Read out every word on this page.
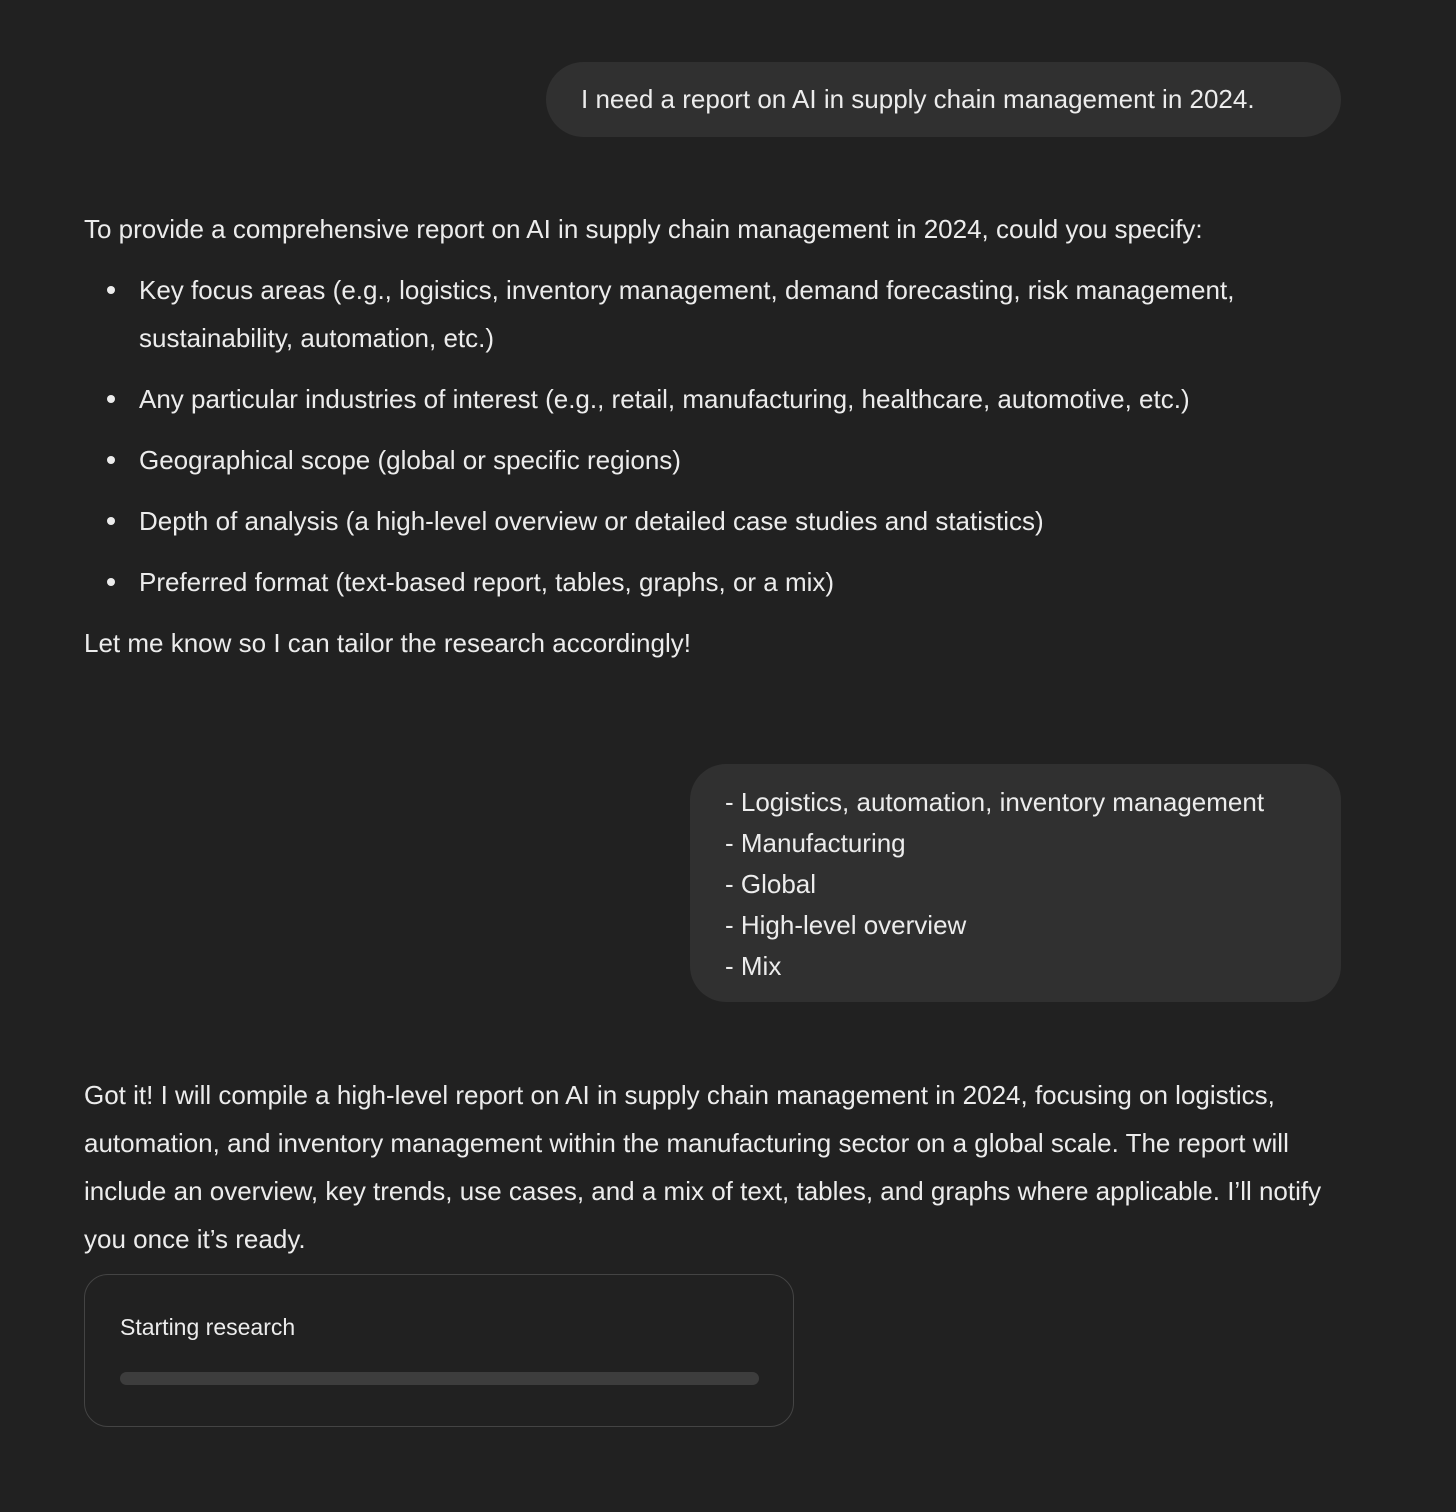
I need a report on AI in supply chain management in 2024.

To provide a comprehensive report on AI in supply chain management in 2024, could you specify:

Key focus areas (e.g., logistics, inventory management, demand forecasting, risk management, sustainability, automation, etc.)
Any particular industries of interest (e.g., retail, manufacturing, healthcare, automotive, etc.)
Geographical scope (global or specific regions)
Depth of analysis (a high-level overview or detailed case studies and statistics)
Preferred format (text-based report, tables, graphs, or a mix)

Let me know so I can tailor the research accordingly!

- Logistics, automation, inventory management
- Manufacturing
- Global
- High-level overview
- Mix

Got it! I will compile a high-level report on AI in supply chain management in 2024, focusing on logistics, automation, and inventory management within the manufacturing sector on a global scale. The report will include an overview, key trends, use cases, and a mix of text, tables, and graphs where applicable. I’ll notify you once it’s ready.

Starting research
